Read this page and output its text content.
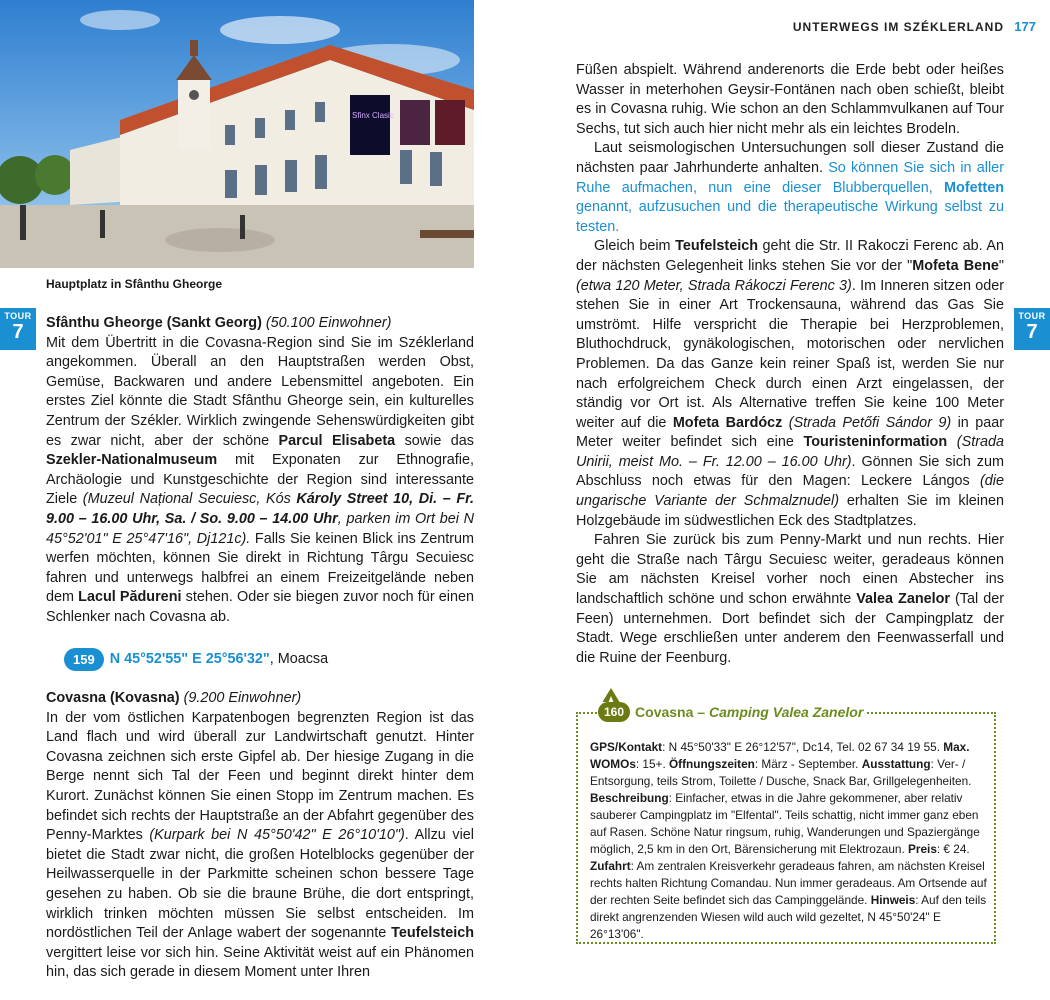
UNTERWEGS IM SZÉKLERLAND 177
Sfinx Clasic
Hauptplatz in Sfânthu Gheorge
TOUR
7
TOUR
7

Sfânthu Gheorge (Sankt Georg) (50.100 Einwohner)
Mit dem Übertritt in die Covasna-Region sind Sie im Széklerland angekommen. Überall an den Hauptstraßen werden Obst, Gemüse, Backwaren und andere Lebensmittel angeboten. Ein erstes Ziel könnte die Stadt Sfânthu Gheorge sein, ein kulturelles Zentrum der Székler. Wirklich zwingende Sehenswürdigkeiten gibt es zwar nicht, aber der schöne Parcul Elisabeta sowie das Szekler-Nationalmuseum mit Exponaten zur Ethnografie, Archäologie und Kunstgeschichte der Region sind interessante Ziele (Muzeul Național Secuiesc, Kós Károly Street 10, Di. – Fr. 9.00 – 16.00 Uhr, Sa. / So. 9.00 – 14.00 Uhr, parken im Ort bei N 45°52'01" E 25°47'16", Dj121c). Falls Sie keinen Blick ins Zentrum werfen möchten, können Sie direkt in Richtung Târgu Secuiesc fahren und unterwegs halbfrei an einem Freizeitgelände neben dem Lacul Pădureni stehen. Oder sie biegen zuvor noch für einen Schlenker nach Covasna ab.

159	N 45°52'55" E 25°56'32" , Moacsa

Covasna (Kovasna) (9.200 Einwohner)
In der vom östlichen Karpatenbogen begrenzten Region ist das Land flach und wird überall zur Landwirtschaft genutzt. Hinter Covasna zeichnen sich erste Gipfel ab. Der hiesige Zugang in die Berge nennt sich Tal der Feen und beginnt direkt hinter dem Kurort. Zunächst können Sie einen Stopp im Zentrum machen. Es befindet sich rechts der Hauptstraße an der Abfahrt gegenüber des Penny-Marktes (Kurpark bei N 45°50'42" E 26°10'10"). Allzu viel bietet die Stadt zwar nicht, die großen Hotelblocks gegenüber der Heilwasserquelle in der Parkmitte scheinen schon bessere Tage gesehen zu haben. Ob sie die braune Brühe, die dort entspringt, wirklich trinken möchten müssen Sie selbst entscheiden. Im nordöstlichen Teil der Anlage wabert der sogenannte Teufelsteich vergittert leise vor sich hin. Seine Aktivität weist auf ein Phänomen hin, das sich gerade in diesem Moment unter Ihren

Füßen abspielt. Während anderenorts die Erde bebt oder heißes Wasser in meterhohen Geysir-Fontänen nach oben schießt, bleibt es in Covasna ruhig. Wie schon an den Schlammvulkanen auf Tour Sechs, tut sich auch hier nicht mehr als ein leichtes Brodeln.

Laut seismologischen Untersuchungen soll dieser Zustand die nächsten paar Jahrhunderte anhalten. So können Sie sich in aller Ruhe aufmachen, nun eine dieser Blubberquellen, Mofetten genannt, aufzusuchen und die therapeutische Wirkung selbst zu testen.

Gleich beim Teufelsteich geht die Str. II Rakoczi Ferenc ab. An der nächsten Gelegenheit links stehen Sie vor der "Mofeta Bene" (etwa 120 Meter, Strada Rákoczi Ferenc 3). Im Inneren sitzen oder stehen Sie in einer Art Trockensauna, während das Gas Sie umströmt. Hilfe verspricht die Therapie bei Herzproblemen, Bluthochdruck, gynäkologischen, motorischen oder nervlichen Problemen. Da das Ganze kein reiner Spaß ist, werden Sie nur nach erfolgreichem Check durch einen Arzt eingelassen, der ständig vor Ort ist. Als Alternative treffen Sie keine 100 Meter weiter auf die Mofeta Bardócz (Strada Petőfi Sándor 9) in paar Meter weiter befindet sich eine Touristeninformation (Strada Unirii, meist Mo. – Fr. 12.00 – 16.00 Uhr). Gönnen Sie sich zum Abschluss noch etwas für den Magen: Leckere Lángos (die ungarische Variante der Schmalznudel) erhalten Sie im kleinen Holzgebäude im südwestlichen Eck des Stadtplatzes.

Fahren Sie zurück bis zum Penny-Markt und nun rechts. Hier geht die Straße nach Târgu Secuiesc weiter, geradeaus können Sie am nächsten Kreisel vorher noch einen Abstecher ins landschaftlich schöne und schon erwähnte Valea Zanelor (Tal der Feen) unternehmen. Dort befindet sich der Campingplatz der Stadt. Wege erschließen unter anderem den Feenwasserfall und die Ruine der Feenburg.

160 Covasna – Camping Valea Zanelor
GPS/Kontakt: N 45°50'33" E 26°12'57", Dc14, Tel. 02 67 34 19 55. Max. WOMOs: 15+. Öffnungszeiten: März - September. Ausstattung: Ver- / Entsorgung, teils Strom, Toilette / Dusche, Snack Bar, Grillgelegenheiten. Beschreibung: Einfacher, etwas in die Jahre gekommener, aber relativ sauberer Campingplatz im "Elfental". Teils schattig, nicht immer ganz eben auf Rasen. Schöne Natur ringsum, ruhig, Wanderungen und Spaziergänge möglich, 2,5 km in den Ort, Bärensicherung mit Elektrozaun. Preis: € 24. Zufahrt: Am zentralen Kreisverkehr geradeaus fahren, am nächsten Kreisel rechts halten Richtung Comandau. Nun immer geradeaus. Am Ortsende auf der rechten Seite befindet sich das Campinggelände. Hinweis: Auf den teils direkt angrenzenden Wiesen wild auch wild gezeltet, N 45°50'24" E 26°13'06".
